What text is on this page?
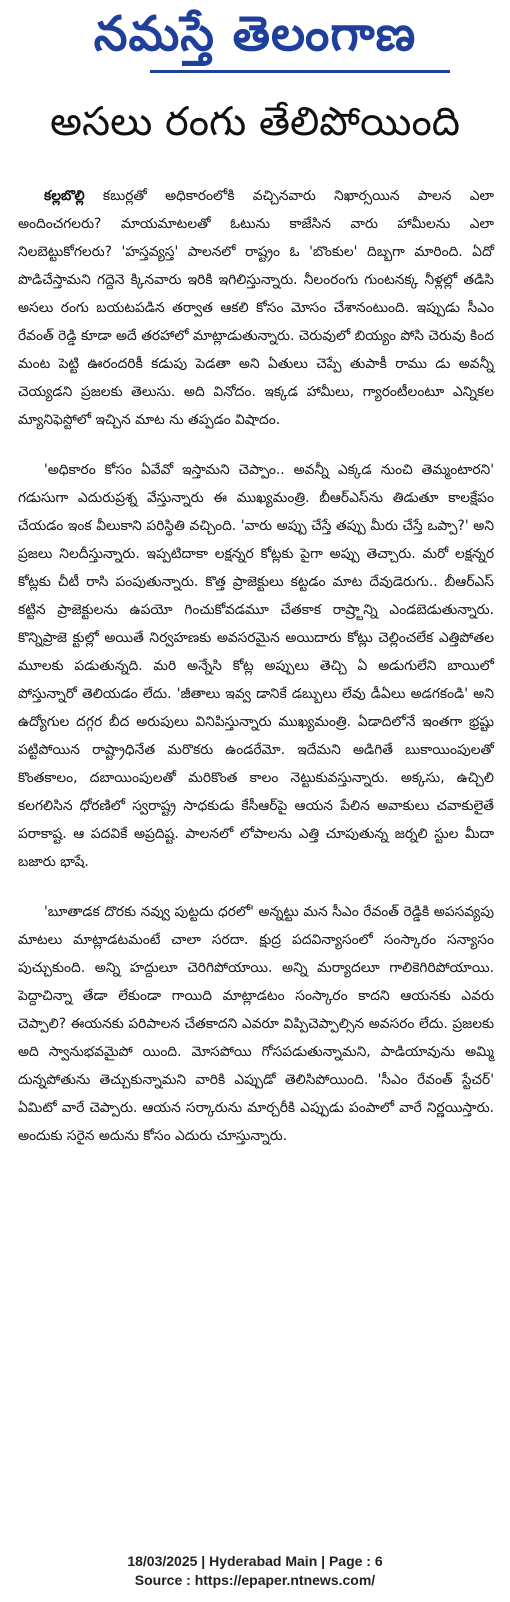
నమస్తే తెలంగాణ
అసలు రంగు తేలిపోయింది

కల్లబొల్లి కబుర్లతో అధికారంలోకి వచ్చినవారు నిఖార్సయిన పాలన ఎలా అందించగలరు? మాయమాటలతో ఓటును కాజేసిన వారు హామీలను ఎలా నిలబెట్టుకోగలరు? 'హస్తవ్యస్త' పాలనలో రాష్ట్రం ఓ 'బొంకుల' దిబ్బగా మారింది. ఏదో పొడిచేస్తామని గద్దెనె క్కినవారు ఇరికి ఇగిలిస్తున్నారు. నీలంరంగు గుంటనక్క నీళ్లల్లో తడిసి అసలు రంగు బయటపడిన తర్వాత ఆకలి కోసం మోసం చేశానంటుంది. ఇప్పుడు సీఎం రేవంత్ రెడ్డి కూడా అదే తరహాలో మాట్లాడుతున్నారు. చెరువులో బియ్యం పోసి చెరువు కింద మంట పెట్టి ఊరందరికీ కడుపు పెడతా అని ఏతులు చెప్పే తుపాకీ రాము డు అవన్నీ చెయ్యడని ప్రజలకు తెలుసు. అది వినోదం. ఇక్కడ హామీలు, గ్యారంటీలంటూ ఎన్నికల మ్యానిఫెస్టోలో ఇచ్చిన మాట ను తప్పడం విషాదం.

'అధికారం కోసం ఏవేవో ఇస్తామని చెప్పాం.. అవన్నీ ఎక్కడ నుంచి తెమ్మంటారని' గడుసుగా ఎదురుప్రశ్న వేస్తున్నారు ఈ ముఖ్యమంత్రి. బీఆర్ఎస్‌ను తిడుతూ కాలక్షేపం చేయడం ఇంక వీలుకాని పరిస్థితి వచ్చింది. 'వారు అప్పు చేస్తే తప్పు మీరు చేస్తే ఒప్పా?' అని ప్రజలు నిలదీస్తున్నారు. ఇప్పటిదాకా లక్షన్నర కోట్లకు పైగా అప్పు తెచ్చారు. మరో లక్షన్నర కోట్లకు చీటీ రాసి పంపుతున్నారు. కొత్త ప్రాజెక్టులు కట్టడం మాట దేవుడెరుగు.. బీఆర్ఎస్ కట్టిన ప్రాజెక్టులను ఉపయో గించుకోవడమూ చేతకాక రాష్ర్టాన్ని ఎండబెడుతున్నారు. కొన్నిప్రాజె క్టుల్లో అయితే నిర్వహణకు అవసరమైన అయిదారు కోట్లు చెల్లించలేక ఎత్తిపోతల మూలకు పడుతున్నది. మరి అన్నేసి కోట్ల అప్పులు తెచ్చి ఏ అడుగులేని బాయిలో పోస్తున్నారో తెలియడం లేదు. 'జీతాలు ఇవ్వ డానికే డబ్బులు లేవు డీఏలు అడగకండి' అని ఉద్యోగుల దగ్గర బీద అరుపులు వినిపిస్తున్నారు ముఖ్యమంత్రి. ఏడాదిలోనే ఇంతగా భ్రష్టు పట్టిపోయిన రాష్ట్రాధినేత మరొకరు ఉండరేమో. ఇదేమని అడిగితే బుకాయింపులతో కొంతకాలం, దబాయింపులతో మరికొంత కాలం నెట్టుకువస్తున్నారు. అక్కసు, ఉచ్చిలి కలగలిసిన ధోరణిలో స్వరాష్ట్ర సాధకుడు కేసీఆర్‌పై ఆయన పేలిన అవాకులు చవాకులైతే పరాకాష్ట. ఆ పదవికే అప్రదిష్ట. పాలనలో లోపాలను ఎత్తి చూపుతున్న జర్నలి స్టుల మీదా బజారు భాషే.

'బూతాడక దొరకు నవ్వు పుట్టదు ధరలో' అన్నట్టు మన సీఎం రేవంత్ రెడ్డికి అపసవ్యపు మాటలు మాట్లాడటమంటే చాలా సరదా. క్షుద్ర పదవిన్యాసంలో సంస్కారం సన్యాసం పుచ్చుకుంది. అన్ని హద్దులూ చెరిగిపోయాయి. అన్ని మర్యాదలూ గాలికెగిరిపోయాయి. పెద్దాచిన్నా తేడా లేకుండా గాయిది మాట్లాడటం సంస్కారం కాదని ఆయనకు ఎవరు చెప్పాలి? ఈయనకు పరిపాలన చేతకాదని ఎవరూ విప్పిచెప్పాల్సిన అవసరం లేదు. ప్రజలకు అది స్వానుభవమైపో యింది. మోసపోయి గోసపడుతున్నామని, పాడియావును అమ్మి దున్నపోతును తెచ్చుకున్నామని వారికి ఎప్పుడో తెలిసిపోయింది. 'సీఎం రేవంత్ స్టేచర్' ఏమిటో వారే చెప్పారు. ఆయన సర్కారును మార్చరీకి ఎప్పుడు పంపాలో వారే నిర్ణయిస్తారు. అందుకు సరైన అదును కోసం ఎదురు చూస్తున్నారు.

18/03/2025 | Hyderabad Main | Page : 6
Source : https://epaper.ntnews.com/
